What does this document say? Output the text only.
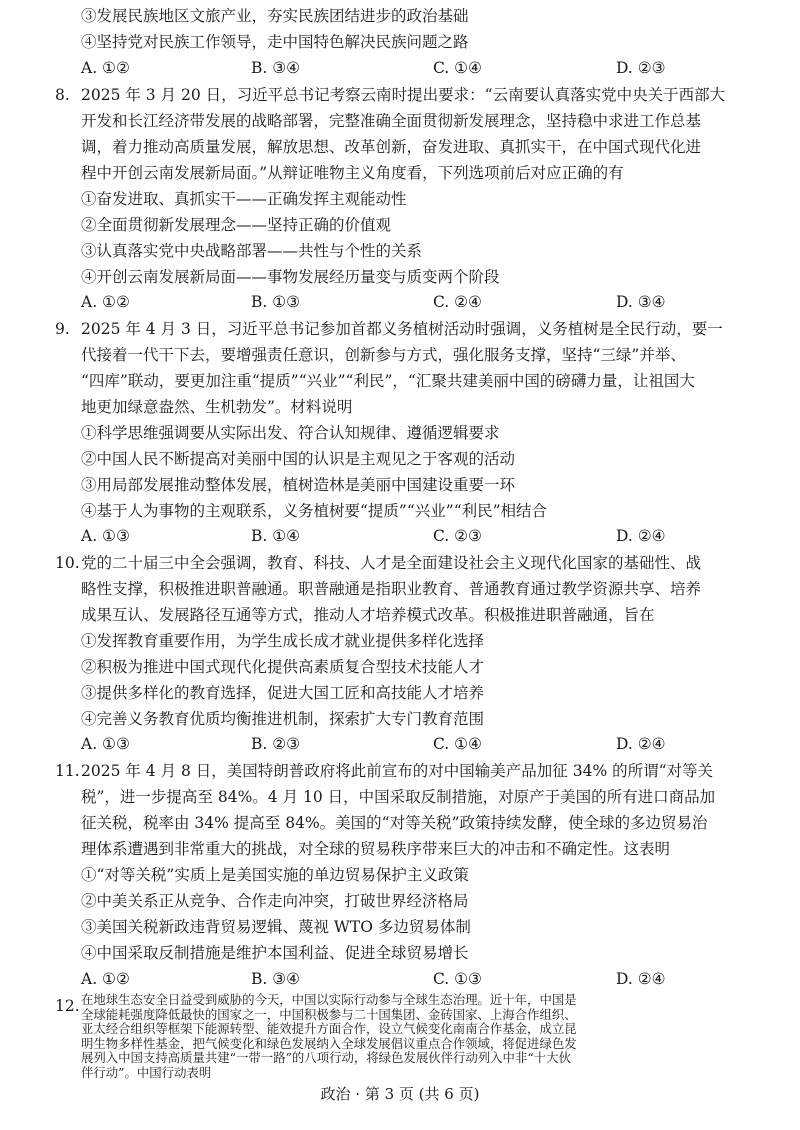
③发展民族地区文旅产业，夯实民族团结进步的政治基础
④坚持党对民族工作领导，走中国特色解决民族问题之路
A. ①②	B. ③④	C. ①④	D. ②③
8. 2025 年 3 月 20 日，习近平总书记考察云南时提出要求：“云南要认真落实党中央关于西部大
开发和长江经济带发展的战略部署，完整准确全面贯彻新发展理念，坚持稳中求进工作总基
调，着力推动高质量发展，解放思想、改革创新，奋发进取、真抓实干，在中国式现代化进
程中开创云南发展新局面。”从辩证唯物主义角度看，下列选项前后对应正确的有
①奋发进取、真抓实干——正确发挥主观能动性
②全面贯彻新发展理念——坚持正确的价值观
③认真落实党中央战略部署——共性与个性的关系
④开创云南发展新局面——事物发展经历量变与质变两个阶段
A. ①②	B. ①③	C. ②④	D. ③④
9. 2025 年 4 月 3 日，习近平总书记参加首都义务植树活动时强调，义务植树是全民行动，要一
代接着一代干下去，要增强责任意识，创新参与方式，强化服务支撑，坚持“三绿”并举、
“四库”联动，要更加注重“提质”“兴业”“利民”，“汇聚共建美丽中国的磅礴力量，让祖国大
地更加绿意盎然、生机勃发”。材料说明
①科学思维强调要从实际出发、符合认知规律、遵循逻辑要求
②中国人民不断提高对美丽中国的认识是主观见之于客观的活动
③用局部发展推动整体发展，植树造林是美丽中国建设重要一环
④基于人为事物的主观联系，义务植树要“提质”“兴业”“利民”相结合
A. ①③	B. ①④	C. ②③	D. ②④
10. 党的二十届三中全会强调，教育、科技、人才是全面建设社会主义现代化国家的基础性、战
略性支撑，积极推进职普融通。职普融通是指职业教育、普通教育通过教学资源共享、培养
成果互认、发展路径互通等方式，推动人才培养模式改革。积极推进职普融通，旨在
①发挥教育重要作用，为学生成长成才就业提供多样化选择
②积极为推进中国式现代化提供高素质复合型技术技能人才
③提供多样化的教育选择，促进大国工匠和高技能人才培养
④完善义务教育优质均衡推进机制，探索扩大专门教育范围
A. ①③	B. ②③	C. ①④	D. ②④
11. 2025 年 4 月 8 日，美国特朗普政府将此前宣布的对中国输美产品加征 34% 的所谓“对等关
税”，进一步提高至 84%。4 月 10 日，中国采取反制措施，对原产于美国的所有进口商品加
征关税，税率由 34% 提高至 84%。美国的“对等关税”政策持续发酵，使全球的多边贸易治
理体系遭遇到非常重大的挑战，对全球的贸易秩序带来巨大的冲击和不确定性。这表明
①“对等关税”实质上是美国实施的单边贸易保护主义政策
②中美关系正从竞争、合作走向冲突，打破世界经济格局
③美国关税新政违背贸易逻辑、蔑视 WTO 多边贸易体制
④中国采取反制措施是维护本国利益、促进全球贸易增长
A. ①②	B. ③④	C. ①③	D. ②④
12.
政治 · 第 3 页 (共 6 页)
在地球生态安全日益受到威胁的今天，中国以实际行动参与全球生态治理。近十年，中国是
全球能耗强度降低最快的国家之一，中国积极参与二十国集团、金砖国家、上海合作组织、
亚太经合组织等框架下能源转型、能效提升方面合作，设立气候变化南南合作基金，成立昆
明生物多样性基金，把气候变化和绿色发展纳入全球发展倡议重点合作领域，将促进绿色发
展列入中国支持高质量共建“一带一路”的八项行动，将绿色发展伙伴行动列入中非“十大伙
伴行动”。中国行动表明
